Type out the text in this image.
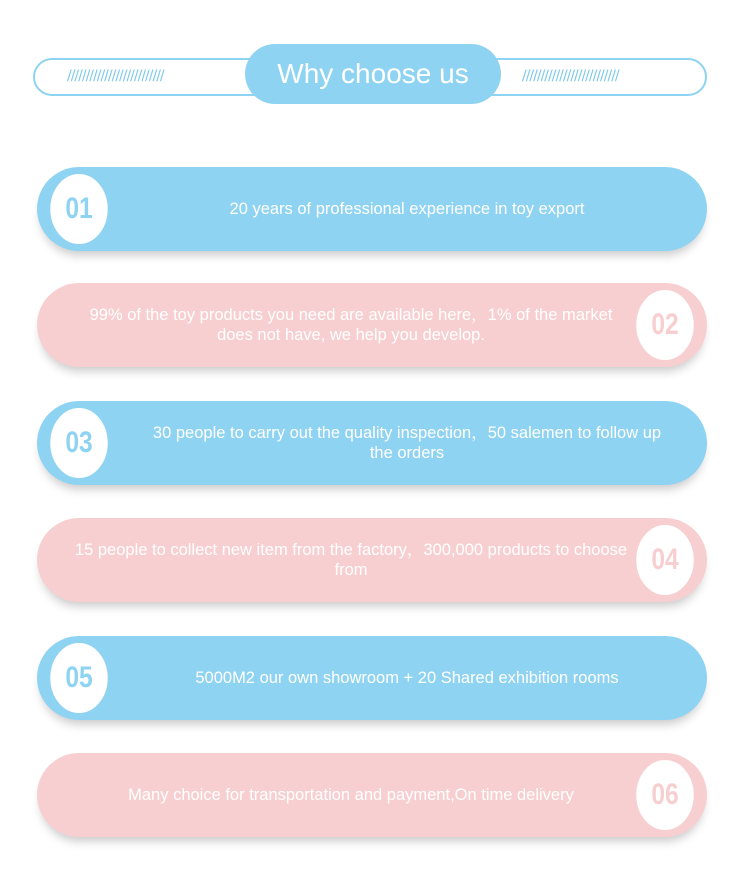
//////////////////////////	//////////////////////////
Why choose us
01	20 years of professional experience in toy export
99% of the toy products you need are available here，1% of the market does not have, we help you develop.	02
03	30 people to carry out the quality inspection，50 salemen to follow up the orders
15 people to collect new item from the factory，300,000 products to choose from	04
05	5000M2 our own showroom + 20 Shared exhibition rooms
Many choice for transportation and payment,On time delivery	06
